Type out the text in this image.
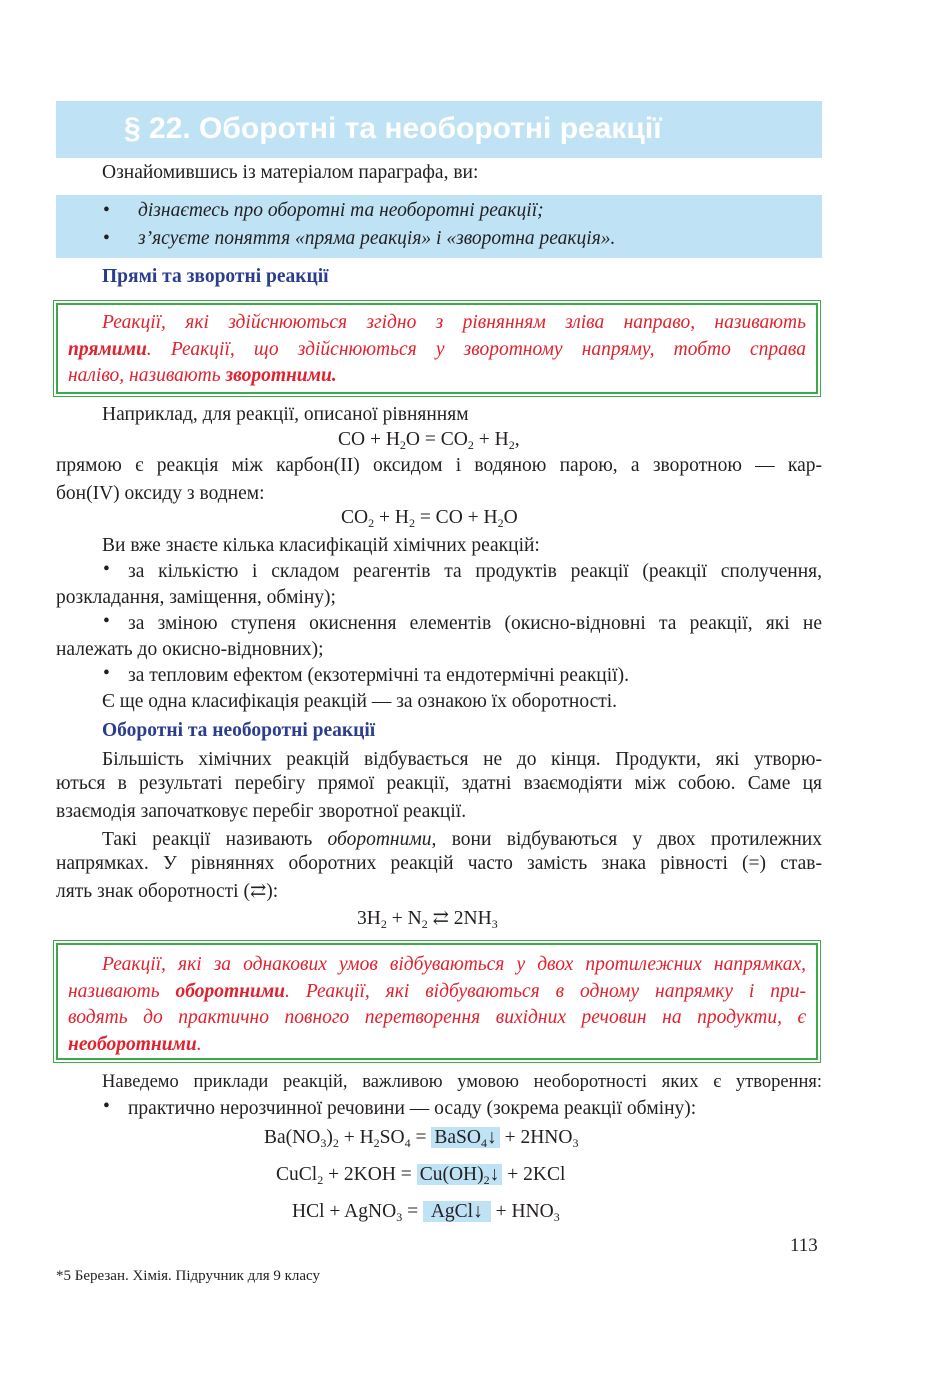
§ 22. Оборотні та необоротні реакції
Ознайомившись із матеріалом параграфа, ви:
• дізнаєтесь про оборотні та необоротні реакції;
• з’ясуєте поняття «пряма реакція» і «зворотна реакція».
Прямі та зворотні реакції
Реакції, які здійснюються згідно з рівнянням зліва направо, називають
прямими. Реакції, що здійснюються у зворотному напряму, тобто справа
наліво, називають зворотними.
Наприклад, для реакції, описаної рівнянням
CO + $H_2O = CO_2 + H_2$,
прямою є реакція між карбон(ІІ) оксидом і водяною парою, а зворотною — кар-
бон(IV) оксиду з воднем:
$CO_2 + H_2$ = CO + $H_2O$
Ви вже знаєте кілька класифікацій хімічних реакцій:
• за кількістю і складом реагентів та продуктів реакції (реакції сполучення,
розкладання, заміщення, обміну);
• за зміною ступеня окиснення елементів (окисно-відновні та реакції, які не
належать до окисно-відновних);
• за тепловим ефектом (екзотермічні та ендотермічні реакції).
Є ще одна класифікація реакцій — за ознакою їх оборотності.
Оборотні та необоротні реакції
Більшість хімічних реакцій відбувається не до кінця. Продукти, які утворю-
ються в результаті перебігу прямої реакції, здатні взаємодіяти між собою. Саме ця
взаємодія започатковує перебіг зворотної реакції.
Такі реакції називають оборотними, вони відбуваються у двох протилежних
напрямках. У рівняннях оборотних реакцій часто замість знака рівності (=) став-
лять знак оборотності (⇄):
$3H_2 + N_2$ ⇄ $2NH_3$
Реакції, які за однакових умов відбуваються у двох протилежних напрямках,
називають оборотними. Реакції, які відбуваються в одному напрямку і при-
водять до практично повного перетворення вихідних речовин на продукти, є
необоротними.
Наведемо приклади реакцій, важливою умовою необоротності яких є утворення:
• практично нерозчинної речовини — осаду (зокрема реакції обміну):
$Ba(NO_3)_2 + H_2SO_4$ = BaSO$_4$↓ + $2HNO_3$
CuCl$_2$ + $2KOH = Cu(OH)_2↓ + 2KCl$
HCl + AgNO$_3$ =  AgCl↓  + $HNO_3$
113
*5 Березан. Хімія. Підручник для 9 класу
